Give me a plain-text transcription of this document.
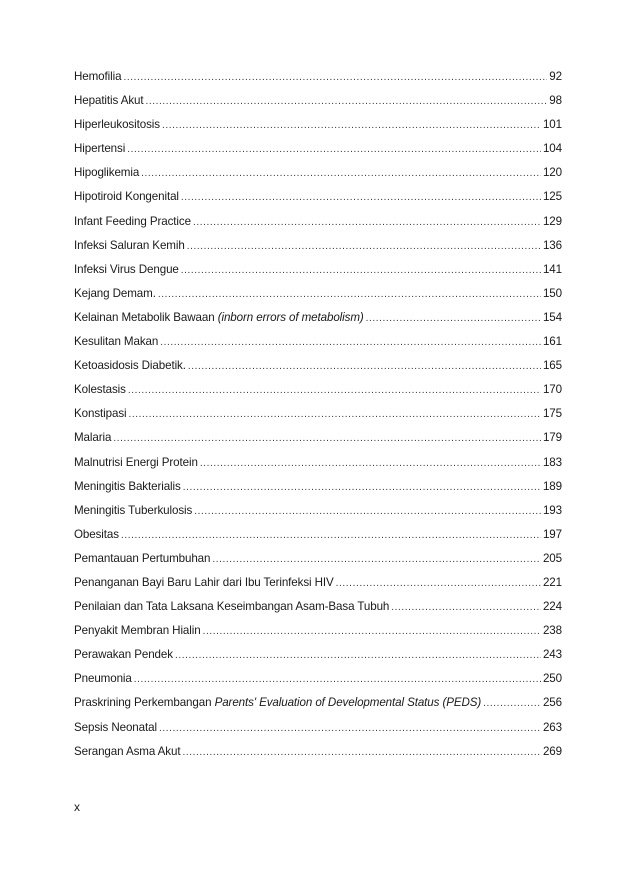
Hemofilia .....	92
Hepatitis Akut .....	98
Hiperleukositosis .....	101
Hipertensi .....	104
Hipoglikemia .....	120
Hipotiroid Kongenital .....	125
Infant Feeding Practice .....	129
Infeksi Saluran Kemih .....	136
Infeksi Virus Dengue .....	141
Kejang Demam. .....	150
Kelainan Metabolik Bawaan (inborn errors of metabolism) .....	154
Kesulitan Makan .....	161
Ketoasidosis Diabetik. .....	165
Kolestasis .....	170
Konstipasi .....	175
Malaria .....	179
Malnutrisi Energi Protein .....	183
Meningitis Bakterialis .....	189
Meningitis Tuberkulosis .....	193
Obesitas .....	197
Pemantauan Pertumbuhan .....	205
Penanganan Bayi Baru Lahir dari Ibu Terinfeksi HIV .....	221
Penilaian dan Tata Laksana Keseimbangan Asam-Basa Tubuh .....	224
Penyakit Membran Hialin .....	238
Perawakan Pendek .....	243
Pneumonia .....	250
Praskrining Perkembangan Parents' Evaluation of Developmental Status (PEDS) .....	256
Sepsis Neonatal .....	263
Serangan Asma Akut .....	269
x
